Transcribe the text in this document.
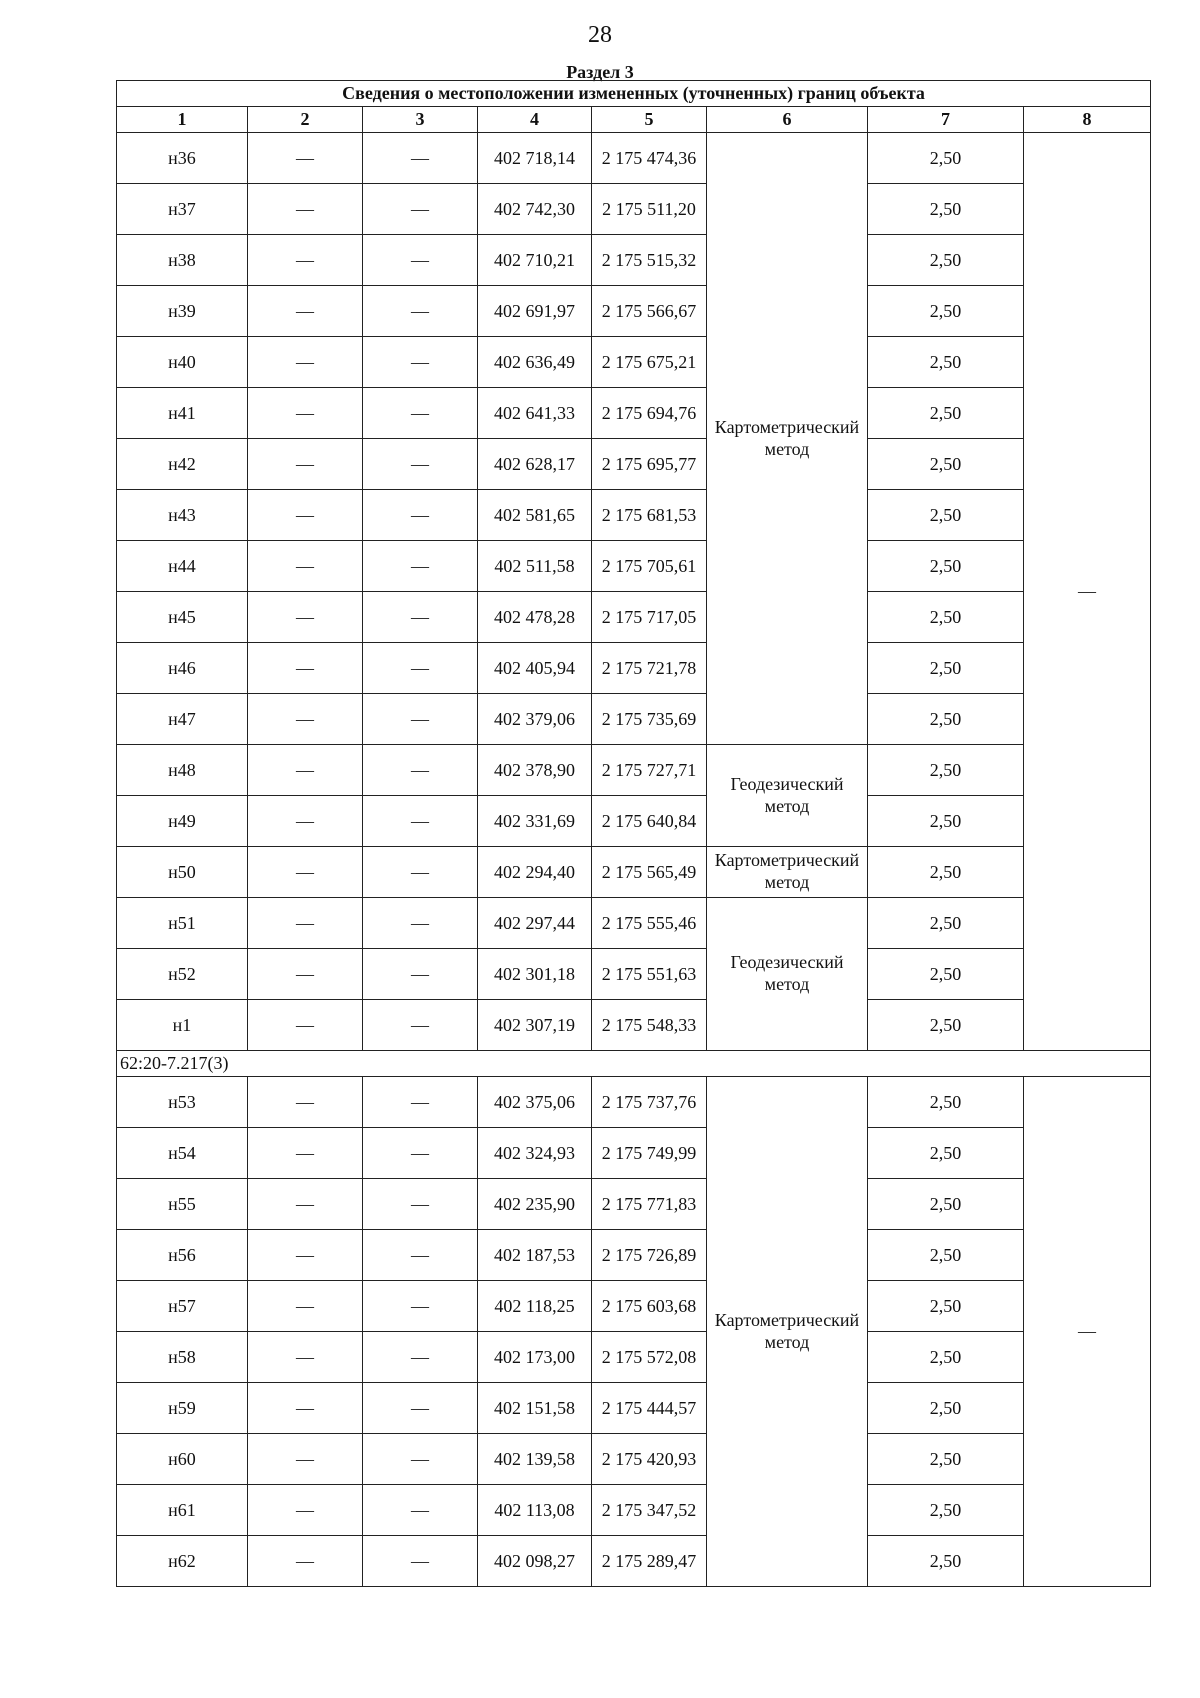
28
Раздел 3
Сведения о местоположении измененных (уточненных) границ объекта							
1	2	3	4	5	6	7	8
н36	—	—	402 718,14	2 175 474,36	Картометрический метод	2,50	—
н37	—	—	402 742,30	2 175 511,20		2,50	
н38	—	—	402 710,21	2 175 515,32		2,50	
н39	—	—	402 691,97	2 175 566,67		2,50	
н40	—	—	402 636,49	2 175 675,21		2,50	
н41	—	—	402 641,33	2 175 694,76		2,50	
н42	—	—	402 628,17	2 175 695,77		2,50	
н43	—	—	402 581,65	2 175 681,53		2,50	
н44	—	—	402 511,58	2 175 705,61		2,50	
н45	—	—	402 478,28	2 175 717,05		2,50	
н46	—	—	402 405,94	2 175 721,78		2,50	
н47	—	—	402 379,06	2 175 735,69		2,50	
н48	—	—	402 378,90	2 175 727,71	Геодезический метод	2,50	
н49	—	—	402 331,69	2 175 640,84		2,50	
н50	—	—	402 294,40	2 175 565,49	Картометрический метод	2,50	
н51	—	—	402 297,44	2 175 555,46	Геодезический метод	2,50	
н52	—	—	402 301,18	2 175 551,63		2,50	
н1	—	—	402 307,19	2 175 548,33		2,50	
62:20-7.217(3)							
н53	—	—	402 375,06	2 175 737,76	Картометрический метод	2,50	—
н54	—	—	402 324,93	2 175 749,99		2,50	
н55	—	—	402 235,90	2 175 771,83		2,50	
н56	—	—	402 187,53	2 175 726,89		2,50	
н57	—	—	402 118,25	2 175 603,68		2,50	
н58	—	—	402 173,00	2 175 572,08		2,50	
н59	—	—	402 151,58	2 175 444,57		2,50	
н60	—	—	402 139,58	2 175 420,93		2,50	
н61	—	—	402 113,08	2 175 347,52		2,50	
н62	—	—	402 098,27	2 175 289,47		2,50	
